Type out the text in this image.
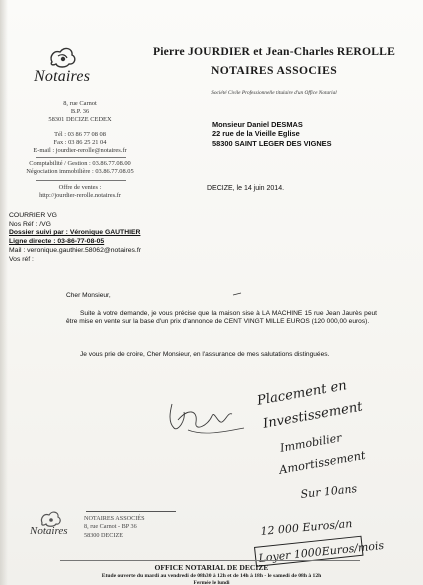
Notaires
8, rue Carnot
B.P. 36
58301 DECIZE CEDEX
Tél : 03 86 77 08 08
Fax : 03 86 25 21 04
E-mail : jourdier-rerolle@notaires.fr
Comptabilité / Gestion : 03.86.77.08.00
Négociation immobilière : 03.86.77.08.05
Offre de ventes :
http://jourdier-rerolle.notaires.fr
Pierre JOURDIER et Jean-Charles REROLLE
NOTAIRES ASSOCIES
Société Civile Professionnelle titulaire d'un Office Notarial
Monsieur Daniel DESMAS
22 rue de la Vieille Eglise
58300 SAINT LEGER DES VIGNES
DECIZE, le 14 juin 2014.
COURRIER VG
Nos Réf : /VG
Dossier suivi par : Véronique GAUTHIER
Ligne directe : 03-86-77-08-05
Mail : veronique.gauthier.58062@notaires.fr
Vos réf :
Cher Monsieur,
Suite à votre demande, je vous précise que la maison sise à LA MACHINE 15 rue Jean Jaurès peut être mise en vente sur la base d'un prix d'annonce de CENT VINGT MILLE EUROS (120 000,00 euros).
Je vous prie de croire, Cher Monsieur, en l'assurance de mes salutations distinguées.
Placement en
Investissement
Immobilier
Amortissement
Sur 10ans
12 000 Euros/an
Loyer 1000Euros/mois
Notaires
NOTAIRES ASSOCIÉS
8, rue Carnot - BP 36
58300 DECIZE
OFFICE NOTARIAL DE DECIZE
Etude ouverte du mardi au vendredi de 08h30 à 12h et de 14h à 18h - le samedi de 08h à 12h
Fermée le lundi
